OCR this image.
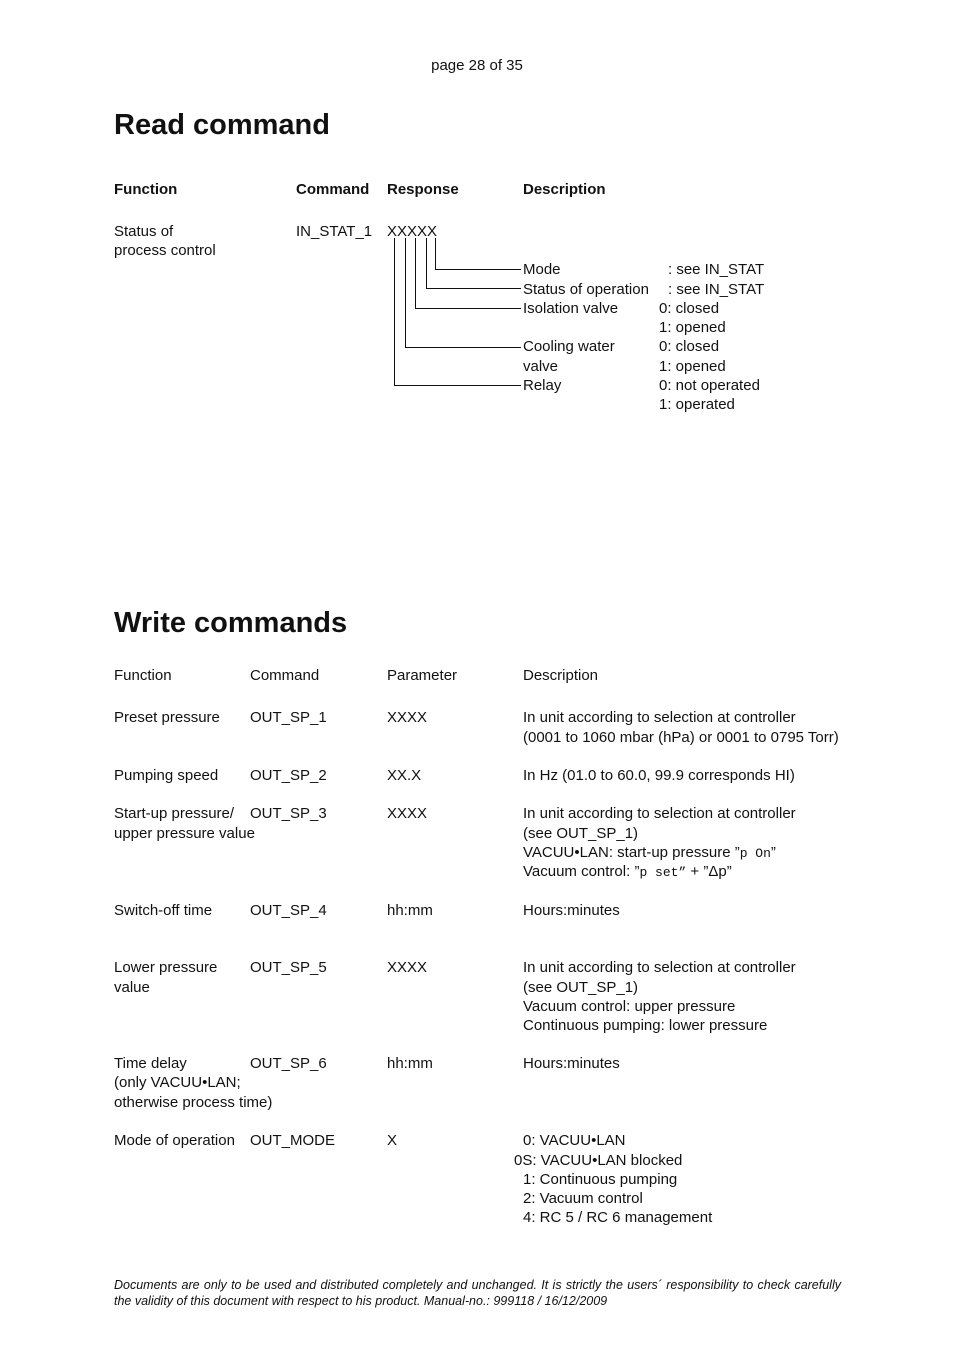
page 28 of 35
Read command
Function	Command Response	Description
Status of
process control
IN_STAT_1 XXXXX
Mode	: see IN_STAT
Status of operation : see IN_STAT
Isolation valve	0: closed
1: opened
Cooling water
valve
0: closed
1: opened
Relay	0: not operated
1: operated
Write commands
Function	Command	Parameter	Description
Preset pressure OUT_SP_1	XXXX	In unit according to selection at controller
(0001 to 1060 mbar (hPa) or 0001 to 0795 Torr)
Pumping speed OUT_SP_2	XX.X	In Hz (01.0 to 60.0, 99.9 corresponds HI)
Start-up pressure/
upper pressure value
OUT_SP_3	XXXX	In unit according to selection at controller
(see OUT_SP_1)
VACUU•LAN: start-up pressure ”p On”
Vacuum control: ”p set” + ”Δp”
Switch-off time	OUT_SP_4	hh:mm	Hours:minutes
Lower pressure
value
OUT_SP_5	XXXX	In unit according to selection at controller
(see OUT_SP_1)
Vacuum control: upper pressure
Continuous pumping: lower pressure
Time delay
(only VACUU•LAN;
otherwise process time)
OUT_SP_6	hh:mm	Hours:minutes
Mode of operation OUT_MODE	X	0: VACUU•LAN
0S: VACUU•LAN blocked
1: Continuous pumping
2: Vacuum control
4: RC 5 / RC 6 management
Documents are only to be used and distributed completely and unchanged. It is strictly the users´ responsibility to check carefully the validity of this document with respect to his product. Manual-no.: 999118 / 16/12/2009
